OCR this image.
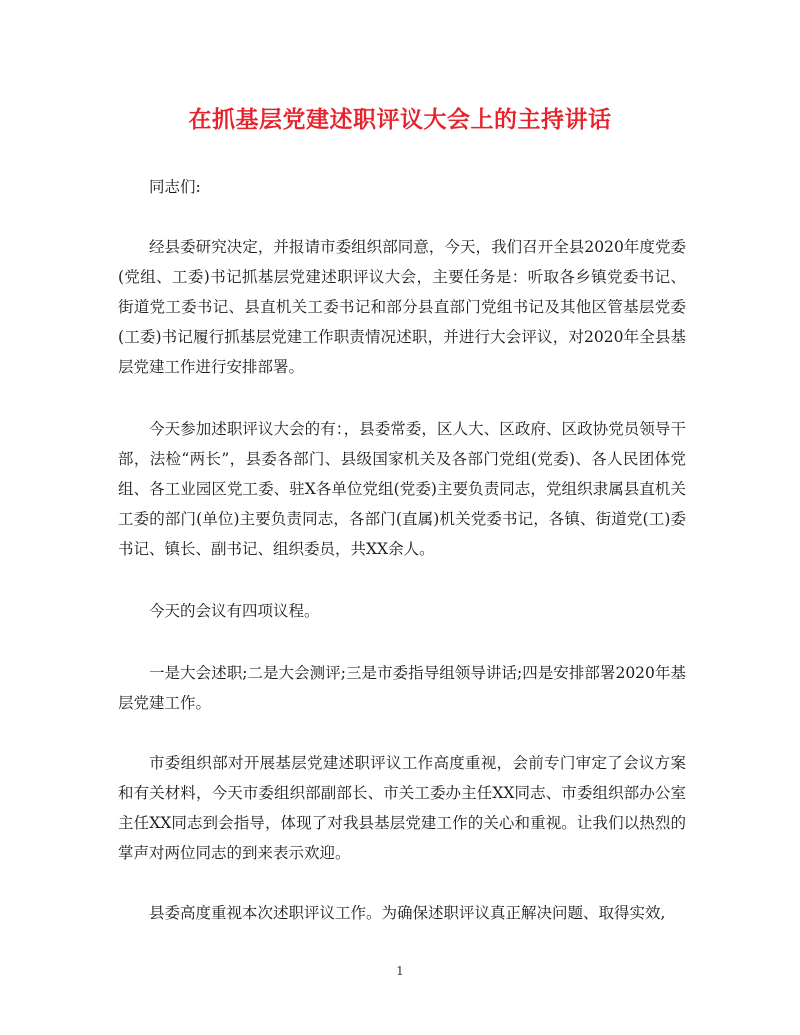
在抓基层党建述职评议大会上的主持讲话

同志们:

经县委研究决定，并报请市委组织部同意，今天，我们召开全县2020年度党委(党组、工委)书记抓基层党建述职评议大会，主要任务是：听取各乡镇党委书记、街道党工委书记、县直机关工委书记和部分县直部门党组书记及其他区管基层党委(工委)书记履行抓基层党建工作职责情况述职，并进行大会评议，对2020年全县基层党建工作进行安排部署。

今天参加述职评议大会的有：，县委常委，区人大、区政府、区政协党员领导干部，法检“两长”，县委各部门、县级国家机关及各部门党组(党委)、各人民团体党组、各工业园区党工委、驻X各单位党组(党委)主要负责同志，党组织隶属县直机关工委的部门(单位)主要负责同志，各部门(直属)机关党委书记，各镇、街道党(工)委书记、镇长、副书记、组织委员，共XX余人。

今天的会议有四项议程。

一是大会述职;二是大会测评;三是市委指导组领导讲话;四是安排部署2020年基层党建工作。

市委组织部对开展基层党建述职评议工作高度重视，会前专门审定了会议方案和有关材料，今天市委组织部副部长、市关工委办主任XX同志、市委组织部办公室主任XX同志到会指导，体现了对我县基层党建工作的关心和重视。让我们以热烈的掌声对两位同志的到来表示欢迎。

县委高度重视本次述职评议工作。为确保述职评议真正解决问题、取得实效,

1
